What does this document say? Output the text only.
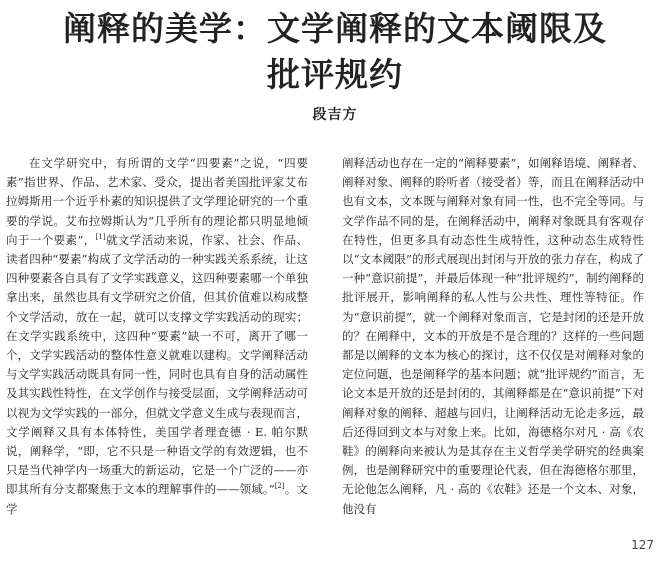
阐释的美学：文学阐释的文本阈限及
批评规约
段吉方

在文学研究中，有所谓的文学“四要素”之说，“四要素”指世界、作品、艺术家、受众，提出者美国批评家艾布拉姆斯用一个近乎朴素的知识提供了文学理论研究的一个重要的学说。艾布拉姆斯认为“几乎所有的理论都只明显地倾向于一个要素”，[1]就文学活动来说，作家、社会、作品、读者四种“要素”构成了文学活动的一种实践关系系统，让这四种要素各自具有了文学实践意义，这四种要素哪一个单独拿出来，虽然也具有文学研究之价值，但其价值难以构成整个文学活动，放在一起，就可以支撑文学实践活动的现实；在文学实践系统中，这四种“要素”缺一不可，离开了哪一个，文学实践活动的整体性意义就难以建构。文学阐释活动与文学实践活动既具有同一性，同时也具有自身的活动属性及其实践性特性，在文学创作与接受层面，文学阐释活动可以视为文学实践的一部分，但就文学意义生成与表现而言，文学阐释又具有本体特性，美国学者理查德 · E. 帕尔默说，阐释学，“即，它不只是一种语文学的有效逻辑，也不只是当代神学内一场重大的新运动，它是一个广泛的——亦即其所有分支都聚焦于文本的理解事件的——领域。”[2]。文学

阐释活动也存在一定的“阐释要素”，如阐释语境、阐释者、阐释对象、阐释的聆听者（接受者）等，而且在阐释活动中也有文本，文本既与阐释对象有同一性，也不完全等同。与文学作品不同的是，在阐释活动中，阐释对象既具有客观存在特性，但更多具有动态性生成特性，这种动态生成特性以“文本阈限”的形式展现出封闭与开放的张力存在，构成了一种“意识前提”，并最后体现一种“批评规约”，制约阐释的批评展开，影响阐释的私人性与公共性、理性等特征。作为“意识前提”，就一个阐释对象而言，它是封闭的还是开放的？在阐释中，文本的开放是不是合理的？这样的一些问题都是以阐释的文本为核心的探讨，这不仅仅是对阐释对象的定位问题，也是阐释学的基本问题；就“批评规约”而言，无论文本是开放的还是封闭的，其阐释都是在“意识前提”下对阐释对象的阐释、超越与回归，让阐释活动无论走多远，最后还得回到文本与对象上来。比如，海德格尔对凡 · 高《农鞋》的阐释向来被认为是其存在主义哲学美学研究的经典案例，也是阐释研究中的重要理论代表，但在海德格尔那里，无论他怎么阐释，凡 · 高的《农鞋》还是一个文本、对象，他没有

127
